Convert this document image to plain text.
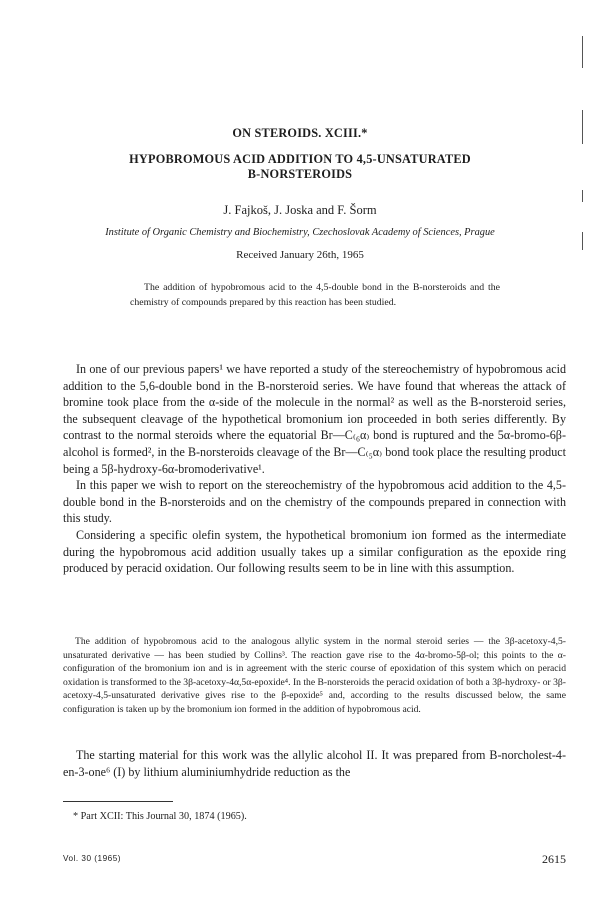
ON STEROIDS. XCIII.*
HYPOBROMOUS ACID ADDITION TO 4,5-UNSATURATED
B-NORSTEROIDS
J. Fajkoš, J. Joska and F. Šorm
Institute of Organic Chemistry and Biochemistry, Czechoslovak Academy of Sciences, Prague
Received January 26th, 1965

The addition of hypobromous acid to the 4,5-double bond in the B-norsteroids and the chemistry of compounds prepared by this reaction has been studied.

In one of our previous papers¹ we have reported a study of the stereochemistry of hypobromous acid addition to the 5,6-double bond in the B-norsteroid series. We have found that whereas the attack of bromine took place from the α-side of the molecule in the normal² as well as the B-norsteroid series, the subsequent cleavage of the hypothetical bromonium ion proceeded in both series differently. By contrast to the normal steroids where the equatorial Br—C₍₆α₎ bond is ruptured and the 5α-bromo-6β-alcohol is formed², in the B-norsteroids cleavage of the Br—C₍₅α₎ bond took place the resulting product being a 5β-hydroxy-6α-bromoderivative¹.

In this paper we wish to report on the stereochemistry of the hypobromous acid addition to the 4,5-double bond in the B-norsteroids and on the chemistry of the compounds prepared in connection with this study.

Considering a specific olefin system, the hypothetical bromonium ion formed as the intermediate during the hypobromous acid addition usually takes up a similar configuration as the epoxide ring produced by peracid oxidation. Our following results seem to be in line with this assumption.

The addition of hypobromous acid to the analogous allylic system in the normal steroid series — the 3β-acetoxy-4,5-unsaturated derivative — has been studied by Collins³. The reaction gave rise to the 4α-bromo-5β-ol; this points to the α-configuration of the bromonium ion and is in agreement with the steric course of epoxidation of this system which on peracid oxidation is transformed to the 3β-acetoxy-4α,5α-epoxide⁴. In the B-norsteroids the peracid oxidation of both a 3β-hydroxy- or 3β-acetoxy-4,5-unsaturated derivative gives rise to the β-epoxide⁵ and, according to the results discussed below, the same configuration is taken up by the bromonium ion formed in the addition of hypobromous acid.

The starting material for this work was the allylic alcohol II. It was prepared from B-norcholest-4-en-3-one⁶ (I) by lithium aluminiumhydride reduction as the

* Part XCII: This Journal 30, 1874 (1965).
Vol. 30 (1965)	2615
